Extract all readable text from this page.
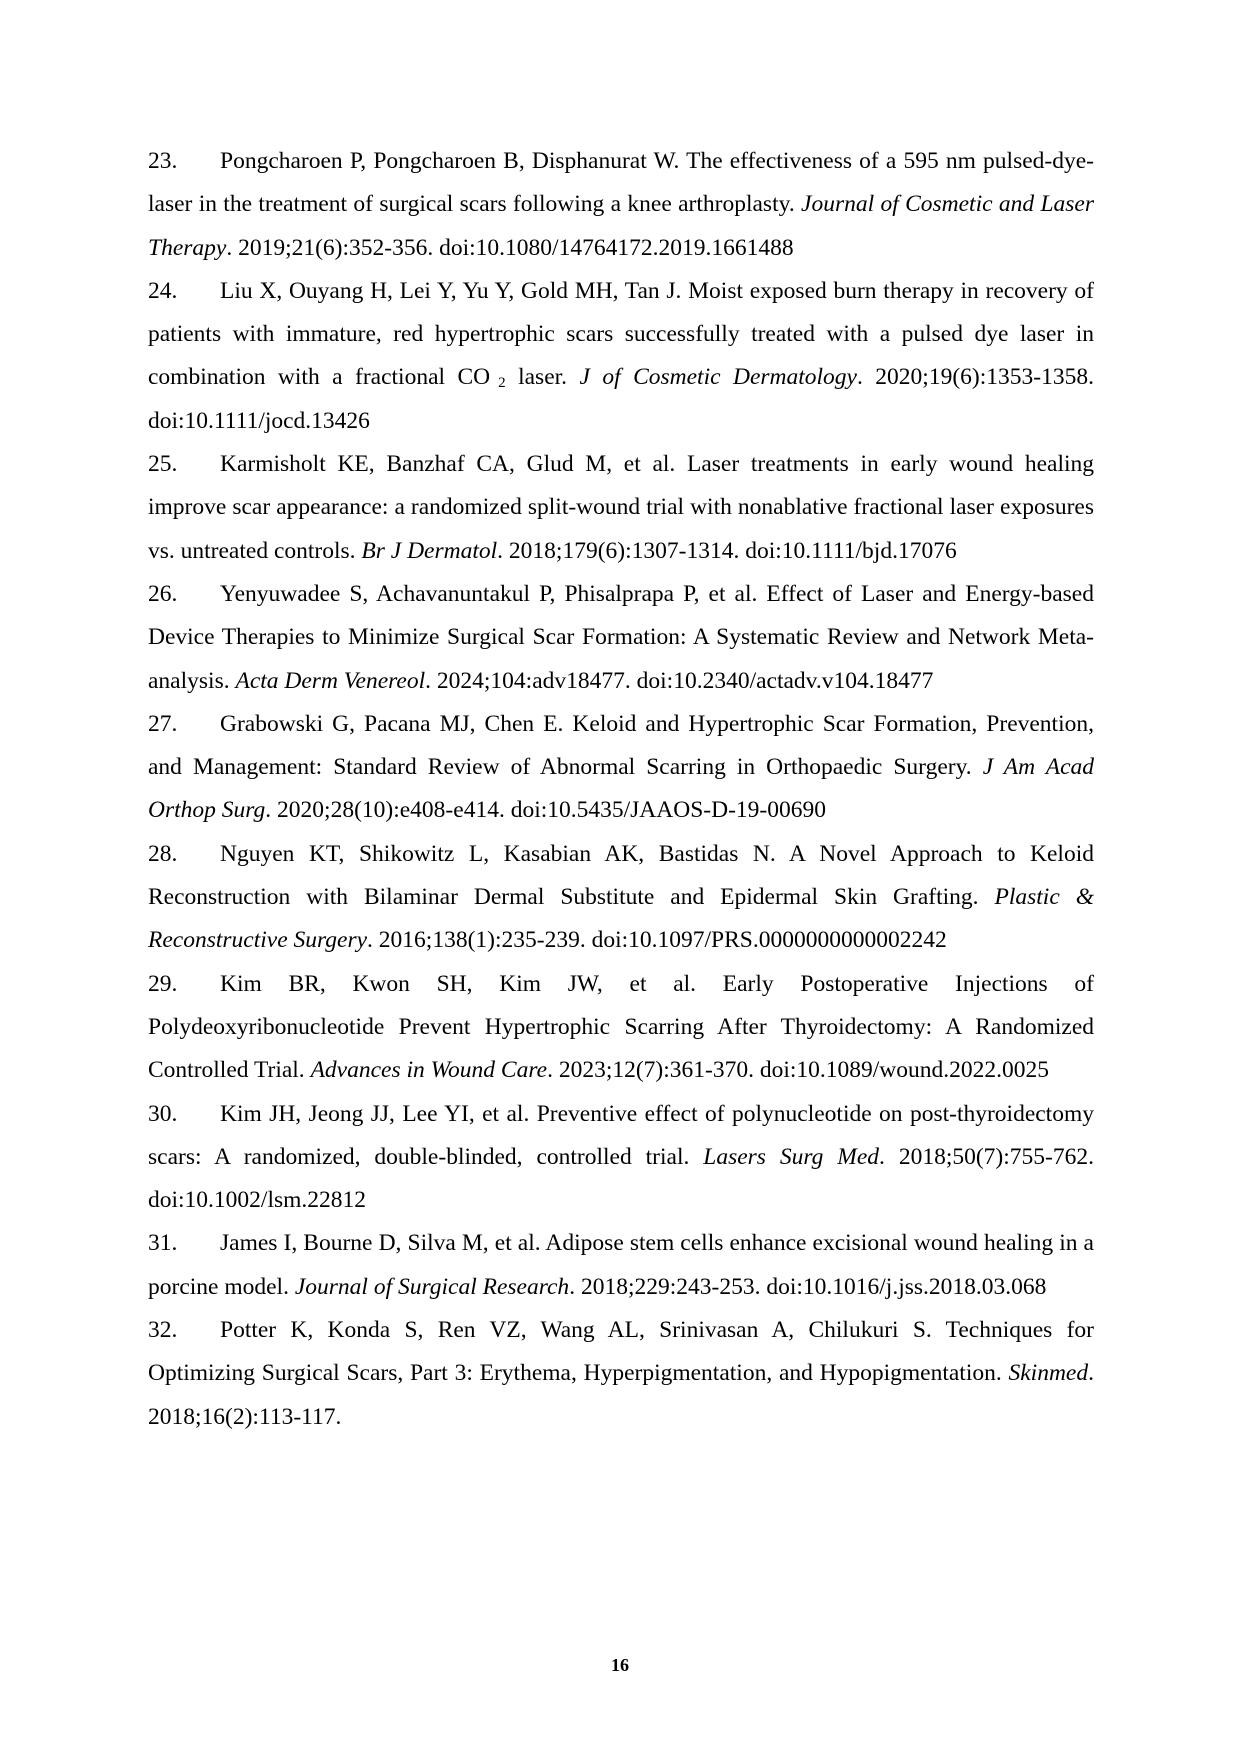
23. Pongcharoen P, Pongcharoen B, Disphanurat W. The effectiveness of a 595 nm pulsed-dye-laser in the treatment of surgical scars following a knee arthroplasty. Journal of Cosmetic and Laser Therapy. 2019;21(6):352-356. doi:10.1080/14764172.2019.1661488

24. Liu X, Ouyang H, Lei Y, Yu Y, Gold MH, Tan J. Moist exposed burn therapy in recovery of patients with immature, red hypertrophic scars successfully treated with a pulsed dye laser in combination with a fractional CO $_2$ laser. J of Cosmetic Dermatology. 2020;19(6):1353-1358. doi:10.1111/jocd.13426

25. Karmisholt KE, Banzhaf CA, Glud M, et al. Laser treatments in early wound healing improve scar appearance: a randomized split-wound trial with nonablative fractional laser exposures vs. untreated controls. Br J Dermatol. 2018;179(6):1307-1314. doi:10.1111/bjd.17076

26. Yenyuwadee S, Achavanuntakul P, Phisalprapa P, et al. Effect of Laser and Energy-based Device Therapies to Minimize Surgical Scar Formation: A Systematic Review and Network Meta-analysis. Acta Derm Venereol. 2024;104:adv18477. doi:10.2340/actadv.v104.18477

27. Grabowski G, Pacana MJ, Chen E. Keloid and Hypertrophic Scar Formation, Prevention, and Management: Standard Review of Abnormal Scarring in Orthopaedic Surgery. J Am Acad Orthop Surg. 2020;28(10):e408-e414. doi:10.5435/JAAOS-D-19-00690

28. Nguyen KT, Shikowitz L, Kasabian AK, Bastidas N. A Novel Approach to Keloid Reconstruction with Bilaminar Dermal Substitute and Epidermal Skin Grafting. Plastic & Reconstructive Surgery. 2016;138(1):235-239. doi:10.1097/PRS.0000000000002242

29. Kim BR, Kwon SH, Kim JW, et al. Early Postoperative Injections of Polydeoxyribonucleotide Prevent Hypertrophic Scarring After Thyroidectomy: A Randomized Controlled Trial. Advances in Wound Care. 2023;12(7):361-370. doi:10.1089/wound.2022.0025

30. Kim JH, Jeong JJ, Lee YI, et al. Preventive effect of polynucleotide on post-thyroidectomy scars: A randomized, double-blinded, controlled trial. Lasers Surg Med. 2018;50(7):755-762. doi:10.1002/lsm.22812

31. James I, Bourne D, Silva M, et al. Adipose stem cells enhance excisional wound healing in a porcine model. Journal of Surgical Research. 2018;229:243-253. doi:10.1016/j.jss.2018.03.068

32. Potter K, Konda S, Ren VZ, Wang AL, Srinivasan A, Chilukuri S. Techniques for Optimizing Surgical Scars, Part 3: Erythema, Hyperpigmentation, and Hypopigmentation. Skinmed. 2018;16(2):113-117.

16
